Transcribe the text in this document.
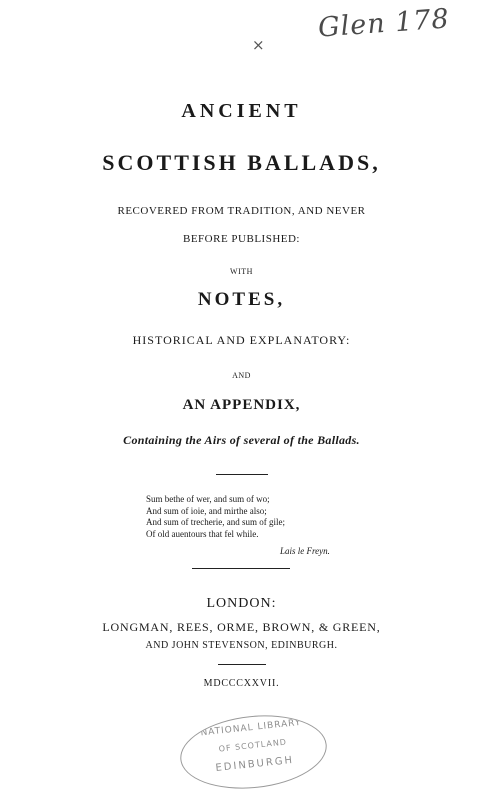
×
Glen 178
ANCIENT
SCOTTISH BALLADS,
RECOVERED FROM TRADITION, AND NEVER
BEFORE PUBLISHED:
WITH
NOTES,
HISTORICAL AND EXPLANATORY:
AND
AN APPENDIX,
Containing the Airs of several of the Ballads.
Sum bethe of wer, and sum of wo;
And sum of ioie, and mirthe also;
And sum of trecherie, and sum of gile;
Of old auentours that fel while.
Lais le Freyn.
LONDON:
LONGMAN, REES, ORME, BROWN, & GREEN,
AND JOHN STEVENSON, EDINBURGH.
MDCCCXXVII.
NATIONAL LIBRARY
OF SCOTLAND
EDINBURGH
